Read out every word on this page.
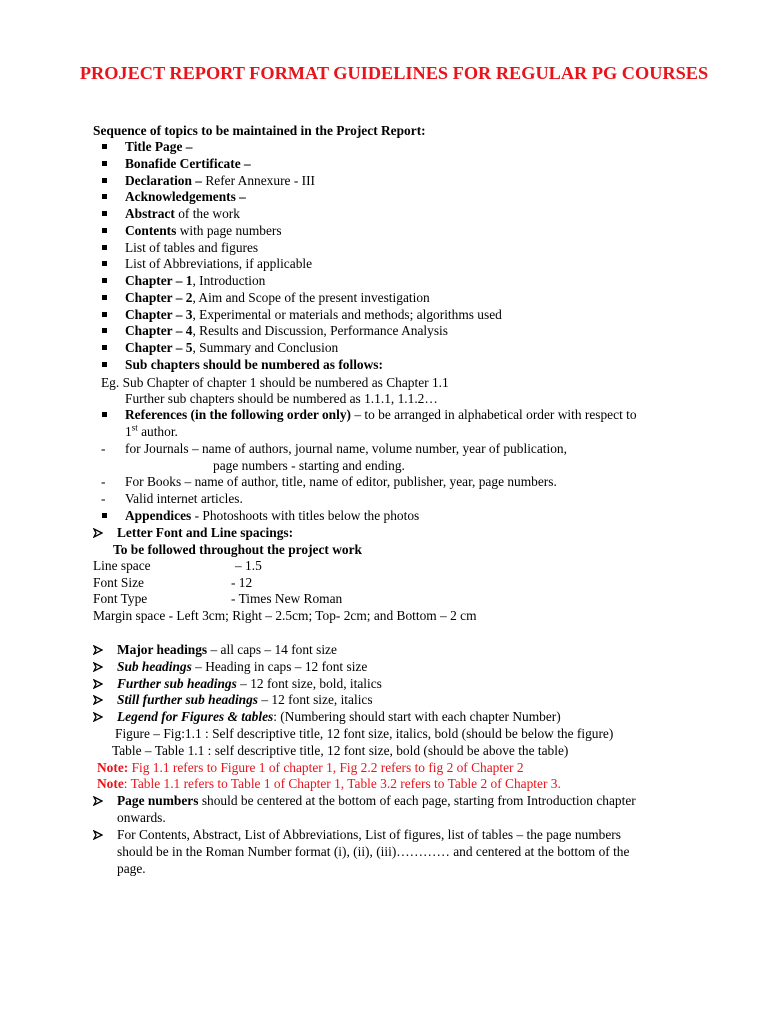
PROJECT REPORT FORMAT GUIDELINES FOR REGULAR PG COURSES
Sequence of topics to be maintained in the Project Report:
Title Page –
Bonafide Certificate –
Declaration – Refer Annexure - III
Acknowledgements –
Abstract of the work
Contents with page numbers
List of tables and figures
List of Abbreviations, if applicable
Chapter – 1, Introduction
Chapter – 2, Aim and Scope of the present investigation
Chapter – 3, Experimental or materials and methods; algorithms used
Chapter – 4, Results and Discussion, Performance Analysis
Chapter – 5, Summary and Conclusion
Sub chapters should be numbered as follows:
Eg. Sub Chapter of chapter 1 should be numbered as Chapter 1.1
Further sub chapters should be numbered as 1.1.1, 1.1.2…
References (in the following order only) – to be arranged in alphabetical order with respect to
1st author.
- for Journals – name of authors, journal name, volume number, year of publication,
page numbers - starting and ending.
- For Books – name of author, title, name of editor, publisher, year, page numbers.
- Valid internet articles.
Appendices - Photoshoots with titles below the photos
Letter Font and Line spacings:
To be followed throughout the project work
Line space	– 1.5
Font Size	- 12
Font Type	- Times New Roman
Margin space - Left 3cm; Right – 2.5cm; Top- 2cm; and Bottom – 2 cm
Major headings – all caps – 14 font size
Sub headings – Heading in caps – 12 font size
Further sub headings – 12 font size, bold, italics
Still further sub headings – 12 font size, italics
Legend for Figures & tables: (Numbering should start with each chapter Number)
Figure – Fig:1.1 : Self descriptive title, 12 font size, italics, bold (should be below the figure)
Table – Table 1.1 : self descriptive title, 12 font size, bold (should be above the table)
Note: Fig 1.1 refers to Figure 1 of chapter 1, Fig 2.2 refers to fig 2 of Chapter 2
Note: Table 1.1 refers to Table 1 of Chapter 1, Table 3.2 refers to Table 2 of Chapter 3.
Page numbers should be centered at the bottom of each page, starting from Introduction chapter
onwards.
For Contents, Abstract, List of Abbreviations, List of figures, list of tables – the page numbers
should be in the Roman Number format (i), (ii), (iii)………… and centered at the bottom of the
page.
